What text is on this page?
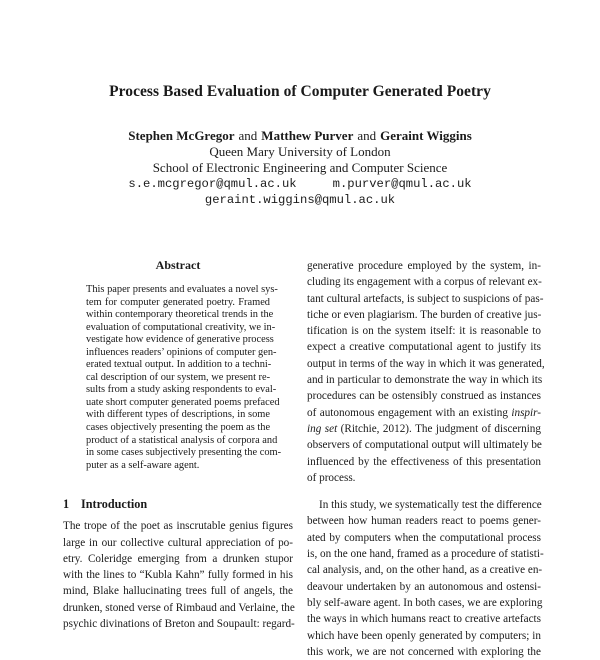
Process Based Evaluation of Computer Generated Poetry
Stephen McGregor and Matthew Purver and Geraint Wiggins
Queen Mary University of London
School of Electronic Engineering and Computer Science
s.e.mcgregor@qmul.ac.uk	m.purver@qmul.ac.uk
geraint.wiggins@qmul.ac.uk
Abstract
This paper presents and evaluates a novel sys-
tem for computer generated poetry. Framed
within contemporary theoretical trends in the
evaluation of computational creativity, we in-
vestigate how evidence of generative process
influences readers’ opinions of computer gen-
erated textual output. In addition to a techni-
cal description of our system, we present re-
sults from a study asking respondents to eval-
uate short computer generated poems prefaced
with different types of descriptions, in some
cases objectively presenting the poem as the
product of a statistical analysis of corpora and
in some cases subjectively presenting the com-
puter as a self-aware agent.
1 Introduction
The trope of the poet as inscrutable genius figures
large in our collective cultural appreciation of po-
etry. Coleridge emerging from a drunken stupor
with the lines to “Kubla Kahn” fully formed in his
mind, Blake hallucinating trees full of angels, the
drunken, stoned verse of Rimbaud and Verlaine, the
psychic divinations of Breton and Soupault: regard-
generative procedure employed by the system, in-
cluding its engagement with a corpus of relevant ex-
tant cultural artefacts, is subject to suspicions of pas-
tiche or even plagiarism. The burden of creative jus-
tification is on the system itself: it is reasonable to
expect a creative computational agent to justify its
output in terms of the way in which it was generated,
and in particular to demonstrate the way in which its
procedures can be ostensibly construed as instances
of autonomous engagement with an existing inspir-
ing set (Ritchie, 2012). The judgment of discerning
observers of computational output will ultimately be
influenced by the effectiveness of this presentation
of process.
In this study, we systematically test the difference
between how human readers react to poems gener-
ated by computers when the computational process
is, on the one hand, framed as a procedure of statisti-
cal analysis, and, on the other hand, as a creative en-
deavour undertaken by an autonomous and ostensi-
bly self-aware agent. In both cases, we are exploring
the ways in which humans react to creative artefacts
which have been openly generated by computers; in
this work, we are not concerned with exploring the
